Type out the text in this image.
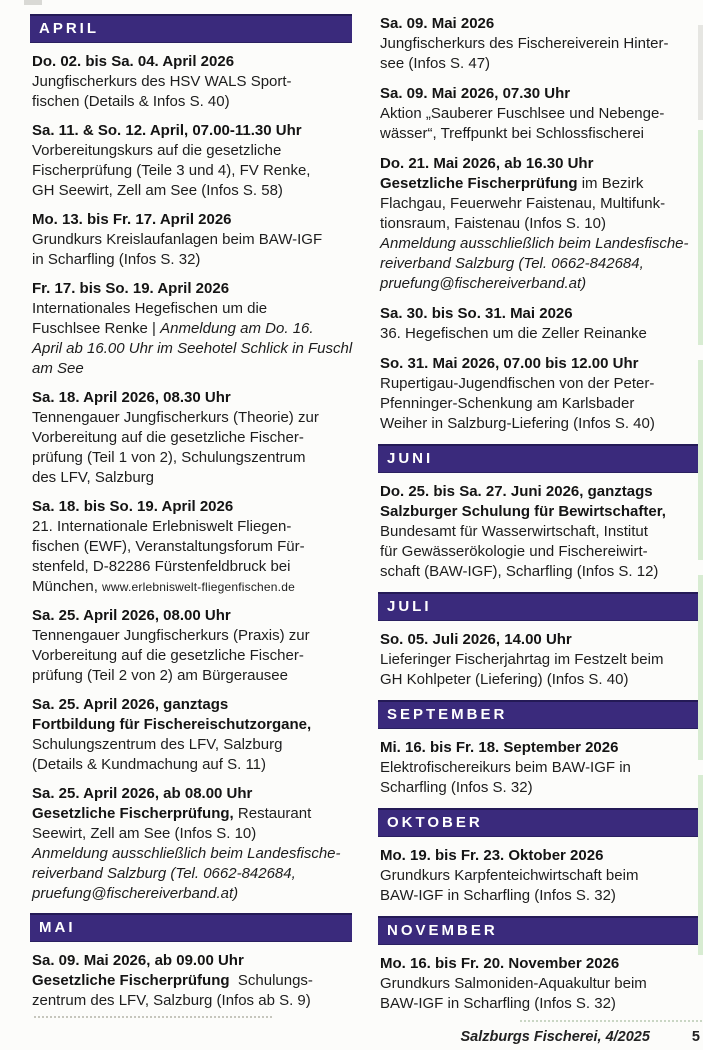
APRIL
Do. 02. bis Sa. 04. April 2026
Jungfischerkurs des HSV WALS Sport-
fischen (Details & Infos S. 40)
Sa. 11. & So. 12. April, 07.00-11.30 Uhr
Vorbereitungskurs auf die gesetzliche
Fischerprüfung (Teile 3 und 4), FV Renke,
GH Seewirt, Zell am See (Infos S. 58)
Mo. 13. bis Fr. 17. April 2026
Grundkurs Kreislaufanlagen beim BAW-IGF
in Scharfling (Infos S. 32)
Fr. 17. bis So. 19. April 2026
Internationales Hegefischen um die
Fuschlsee Renke | Anmeldung am Do. 16.
April ab 16.00 Uhr im Seehotel Schlick in Fuschl
am See
Sa. 18. April 2026, 08.30 Uhr
Tennengauer Jungfischerkurs (Theorie) zur
Vorbereitung auf die gesetzliche Fischer-
prüfung (Teil 1 von 2), Schulungszentrum
des LFV, Salzburg
Sa. 18. bis So. 19. April 2026
21. Internationale Erlebniswelt Fliegen-
fischen (EWF), Veranstaltungsforum Für-
stenfeld, D-82286 Fürstenfeldbruck bei
München, www.erlebniswelt-fliegenfischen.de
Sa. 25. April 2026, 08.00 Uhr
Tennengauer Jungfischerkurs (Praxis) zur
Vorbereitung auf die gesetzliche Fischer-
prüfung (Teil 2 von 2) am Bürgerausee
Sa. 25. April 2026, ganztags
Fortbildung für Fischereischutzorgane,
Schulungszentrum des LFV, Salzburg
(Details & Kundmachung auf S. 11)
Sa. 25. April 2026, ab 08.00 Uhr
Gesetzliche Fischerprüfung, Restaurant
Seewirt, Zell am See (Infos S. 10)
Anmeldung ausschließlich beim Landesfische-
reiverband Salzburg (Tel. 0662-842684,
pruefung@fischereiverband.at)
MAI
Sa. 09. Mai 2026, ab 09.00 Uhr
Gesetzliche Fischerprüfung  Schulungs-
zentrum des LFV, Salzburg (Infos ab S. 9)
Sa. 09. Mai 2026
Jungfischerkurs des Fischereiverein Hinter-
see (Infos S. 47)
Sa. 09. Mai 2026, 07.30 Uhr
Aktion „Sauberer Fuschlsee und Nebenge-
wässer“, Treffpunkt bei Schlossfischerei
Do. 21. Mai 2026, ab 16.30 Uhr
Gesetzliche Fischerprüfung im Bezirk
Flachgau, Feuerwehr Faistenau, Multifunk-
tionsraum, Faistenau (Infos S. 10)
Anmeldung ausschließlich beim Landesfische-
reiverband Salzburg (Tel. 0662-842684,
pruefung@fischereiverband.at)
Sa. 30. bis So. 31. Mai 2026
36. Hegefischen um die Zeller Reinanke
So. 31. Mai 2026, 07.00 bis 12.00 Uhr
Rupertigau-Jugendfischen von der Peter-
Pfenninger-Schenkung am Karlsbader
Weiher in Salzburg-Liefering (Infos S. 40)
JUNI
Do. 25. bis Sa. 27. Juni 2026, ganztags
Salzburger Schulung für Bewirtschafter,
Bundesamt für Wasserwirtschaft, Institut
für Gewässerökologie und Fischereiwirt-
schaft (BAW-IGF), Scharfling (Infos S. 12)
JULI
So. 05. Juli 2026, 14.00 Uhr
Lieferinger Fischerjahrtag im Festzelt beim
GH Kohlpeter (Liefering) (Infos S. 40)
SEPTEMBER
Mi. 16. bis Fr. 18. September 2026
Elektrofischereikurs beim BAW-IGF in
Scharfling (Infos S. 32)
OKTOBER
Mo. 19. bis Fr. 23. Oktober 2026
Grundkurs Karpfenteichwirtschaft beim
BAW-IGF in Scharfling (Infos S. 32)
NOVEMBER
Mo. 16. bis Fr. 20. November 2026
Grundkurs Salmoniden-Aquakultur beim
BAW-IGF in Scharfling (Infos S. 32)
Salzburgs Fischerei, 4/2025	5
